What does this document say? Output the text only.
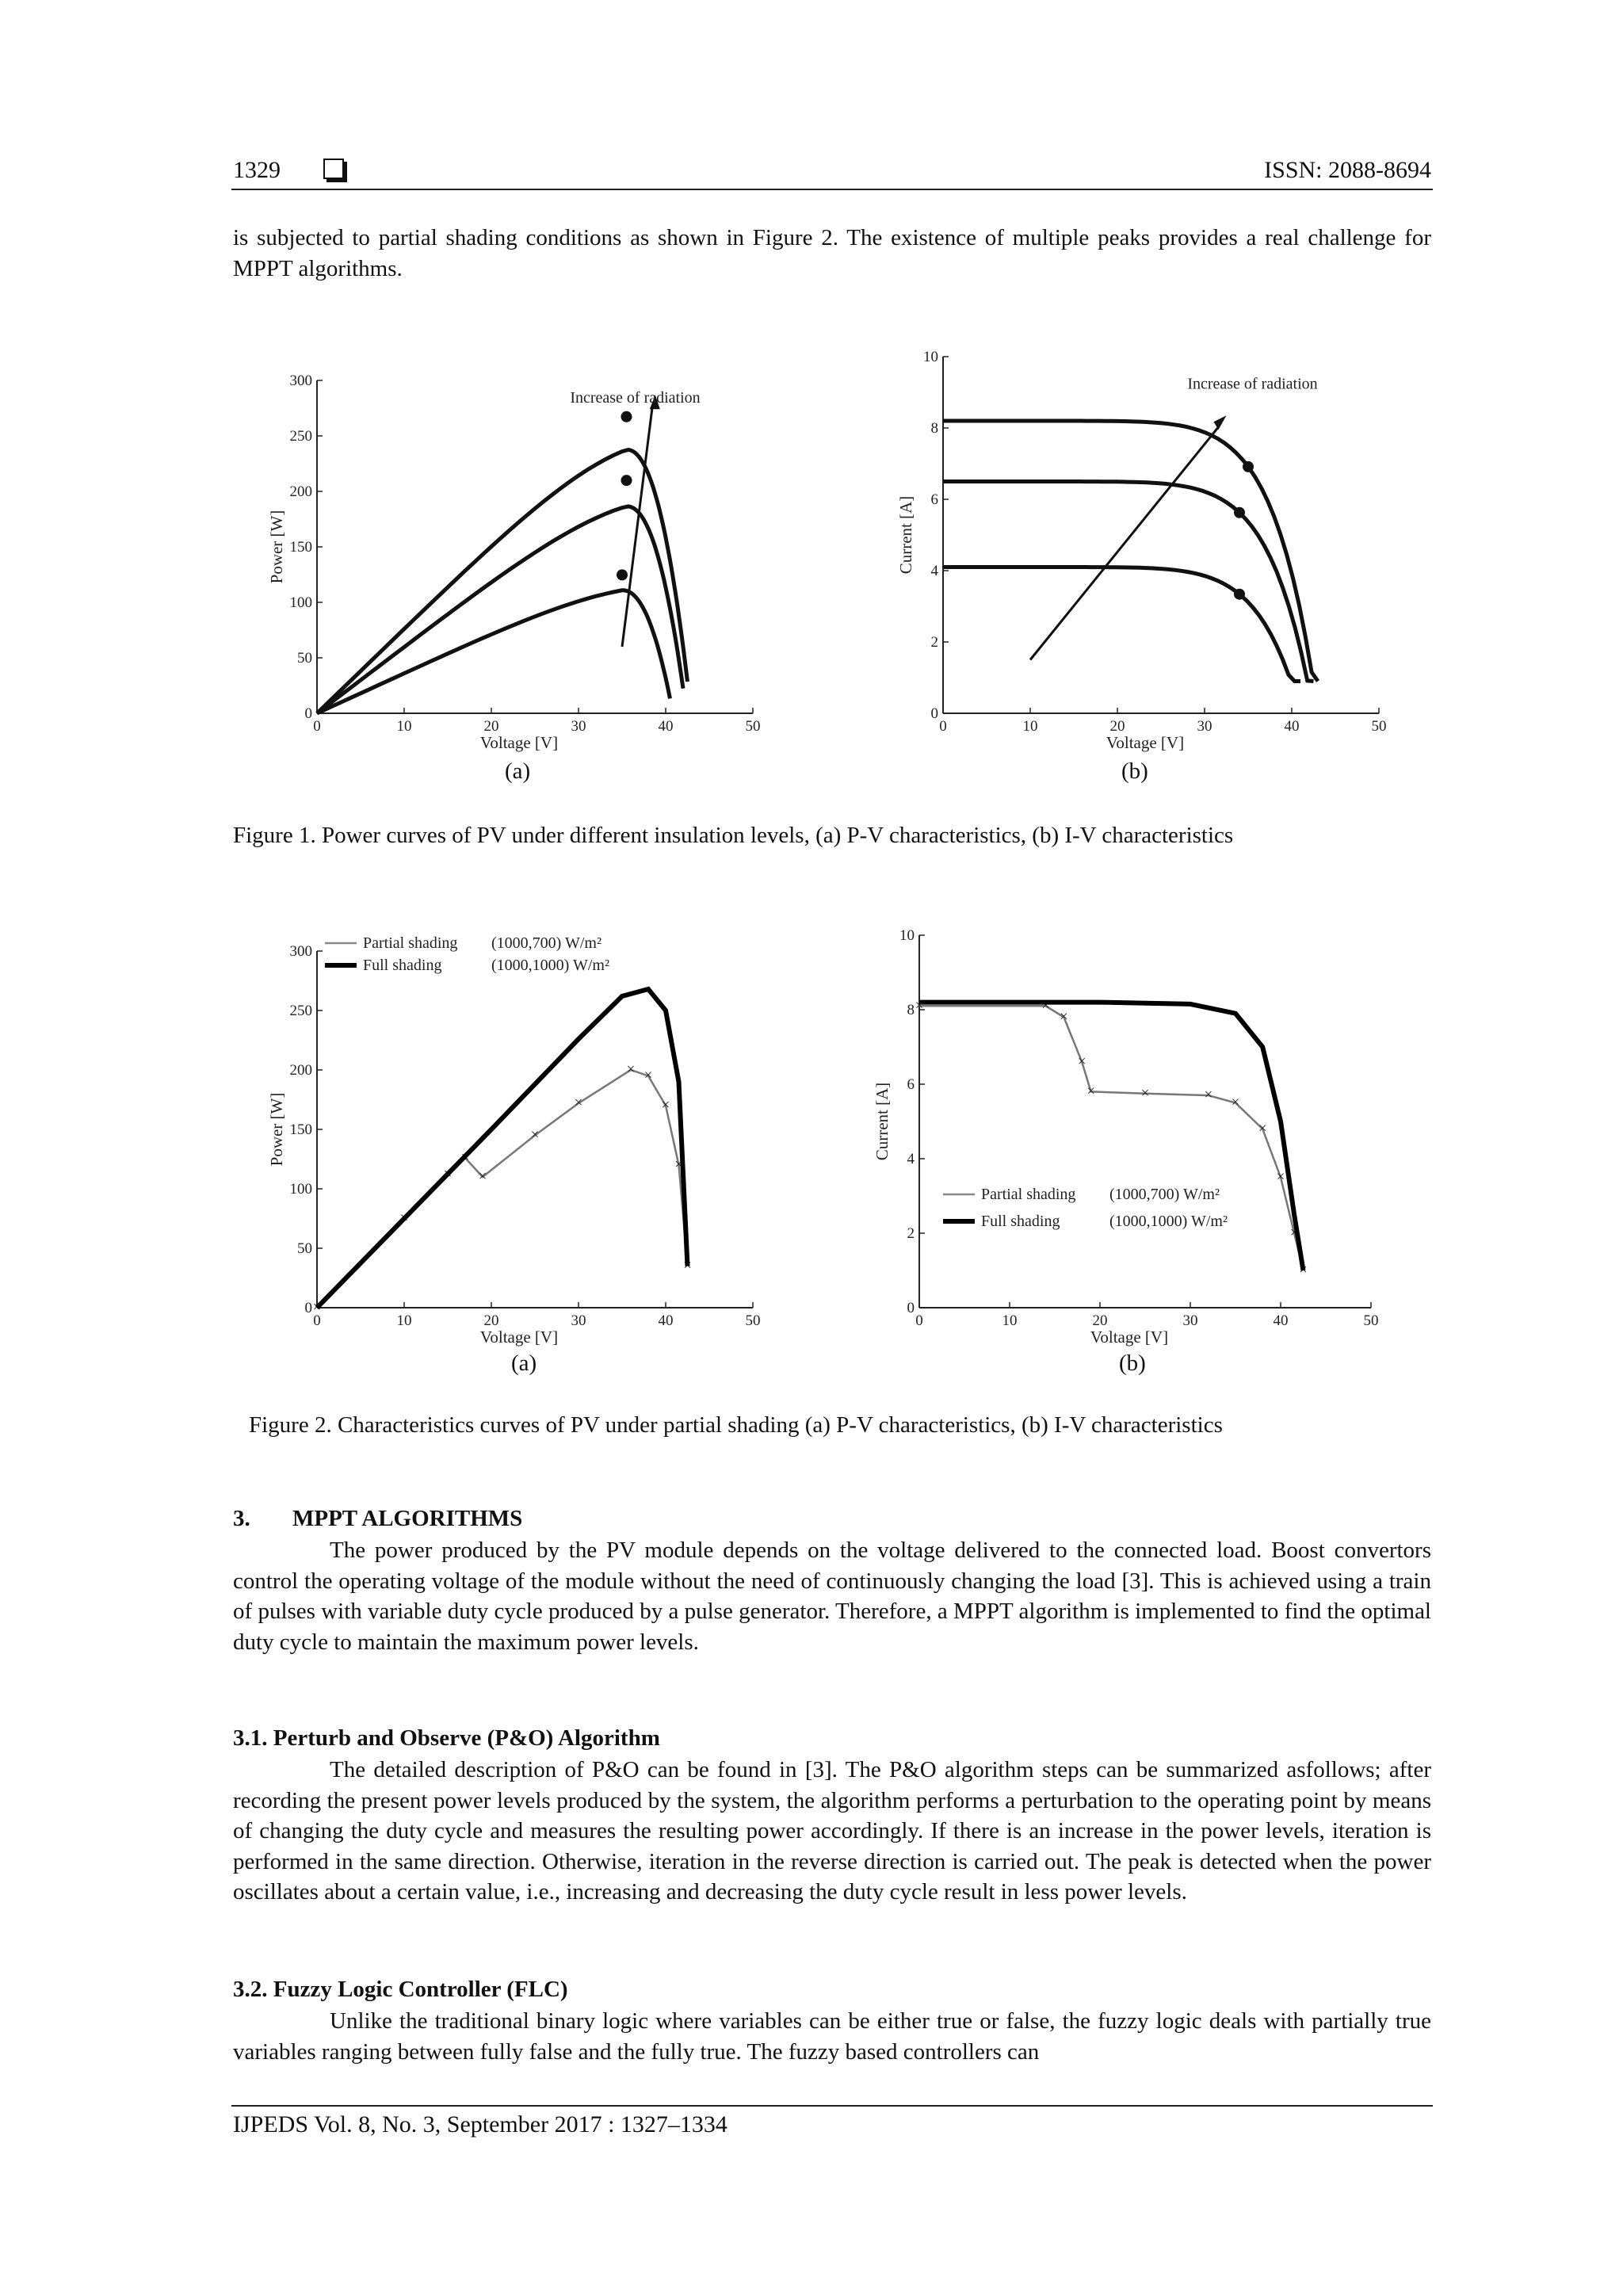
1329	ISSN: 2088-8694

is subjected to partial shading conditions as shown in Figure 2. The existence of multiple peaks provides a real challenge for MPPT algorithms.

0	10	20	30	40	50
0
50
100
150
200
250
300
Voltage [V]
Power [W]
Increase of radiation
0	10	20	30	40	50
0
2
4
6
8
10
Voltage [V]
Current [A]
Increase of radiation
(a)	(b)
Figure 1. Power curves of PV under different insulation levels, (a) P-V characteristics, (b) I-V characteristics
0	10	20	30	40	50
0
50
100
150
200
250
300
Voltage [V]
Power [W]
×
×
×
×
×
×
×
× ×
×
×
×
Partial shading (1000,700) W/m²
Full shading	(1000,1000) W/m²
0	10	20	30	40	50
0
2
4
6
8
10
Voltage [V]
Current [A]
×	×
×
×
×	×	× ×
×
×
×
×
Partial shading (1000,700) W/m²
Full shading	(1000,1000) W/m²
(a)	(b)
Figure 2. Characteristics curves of PV under partial shading (a) P-V characteristics, (b) I-V characteristics
3. MPPT ALGORITHMS

The power produced by the PV module depends on the voltage delivered to the connected load. Boost convertors control the operating voltage of the module without the need of continuously changing the load [3]. This is achieved using a train of pulses with variable duty cycle produced by a pulse generator. Therefore, a MPPT algorithm is implemented to find the optimal duty cycle to maintain the maximum power levels.

3.1. Perturb and Observe (P&O) Algorithm

The detailed description of P&O can be found in [3]. The P&O algorithm steps can be summarized asfollows; after recording the present power levels produced by the system, the algorithm performs a perturbation to the operating point by means of changing the duty cycle and measures the resulting power accordingly. If there is an increase in the power levels, iteration is performed in the same direction. Otherwise, iteration in the reverse direction is carried out. The peak is detected when the power oscillates about a certain value, i.e., increasing and decreasing the duty cycle result in less power levels.

3.2. Fuzzy Logic Controller (FLC)

Unlike the traditional binary logic where variables can be either true or false, the fuzzy logic deals with partially true variables ranging between fully false and the fully true. The fuzzy based controllers can

IJPEDS Vol. 8, No. 3, September 2017 : 1327–1334
